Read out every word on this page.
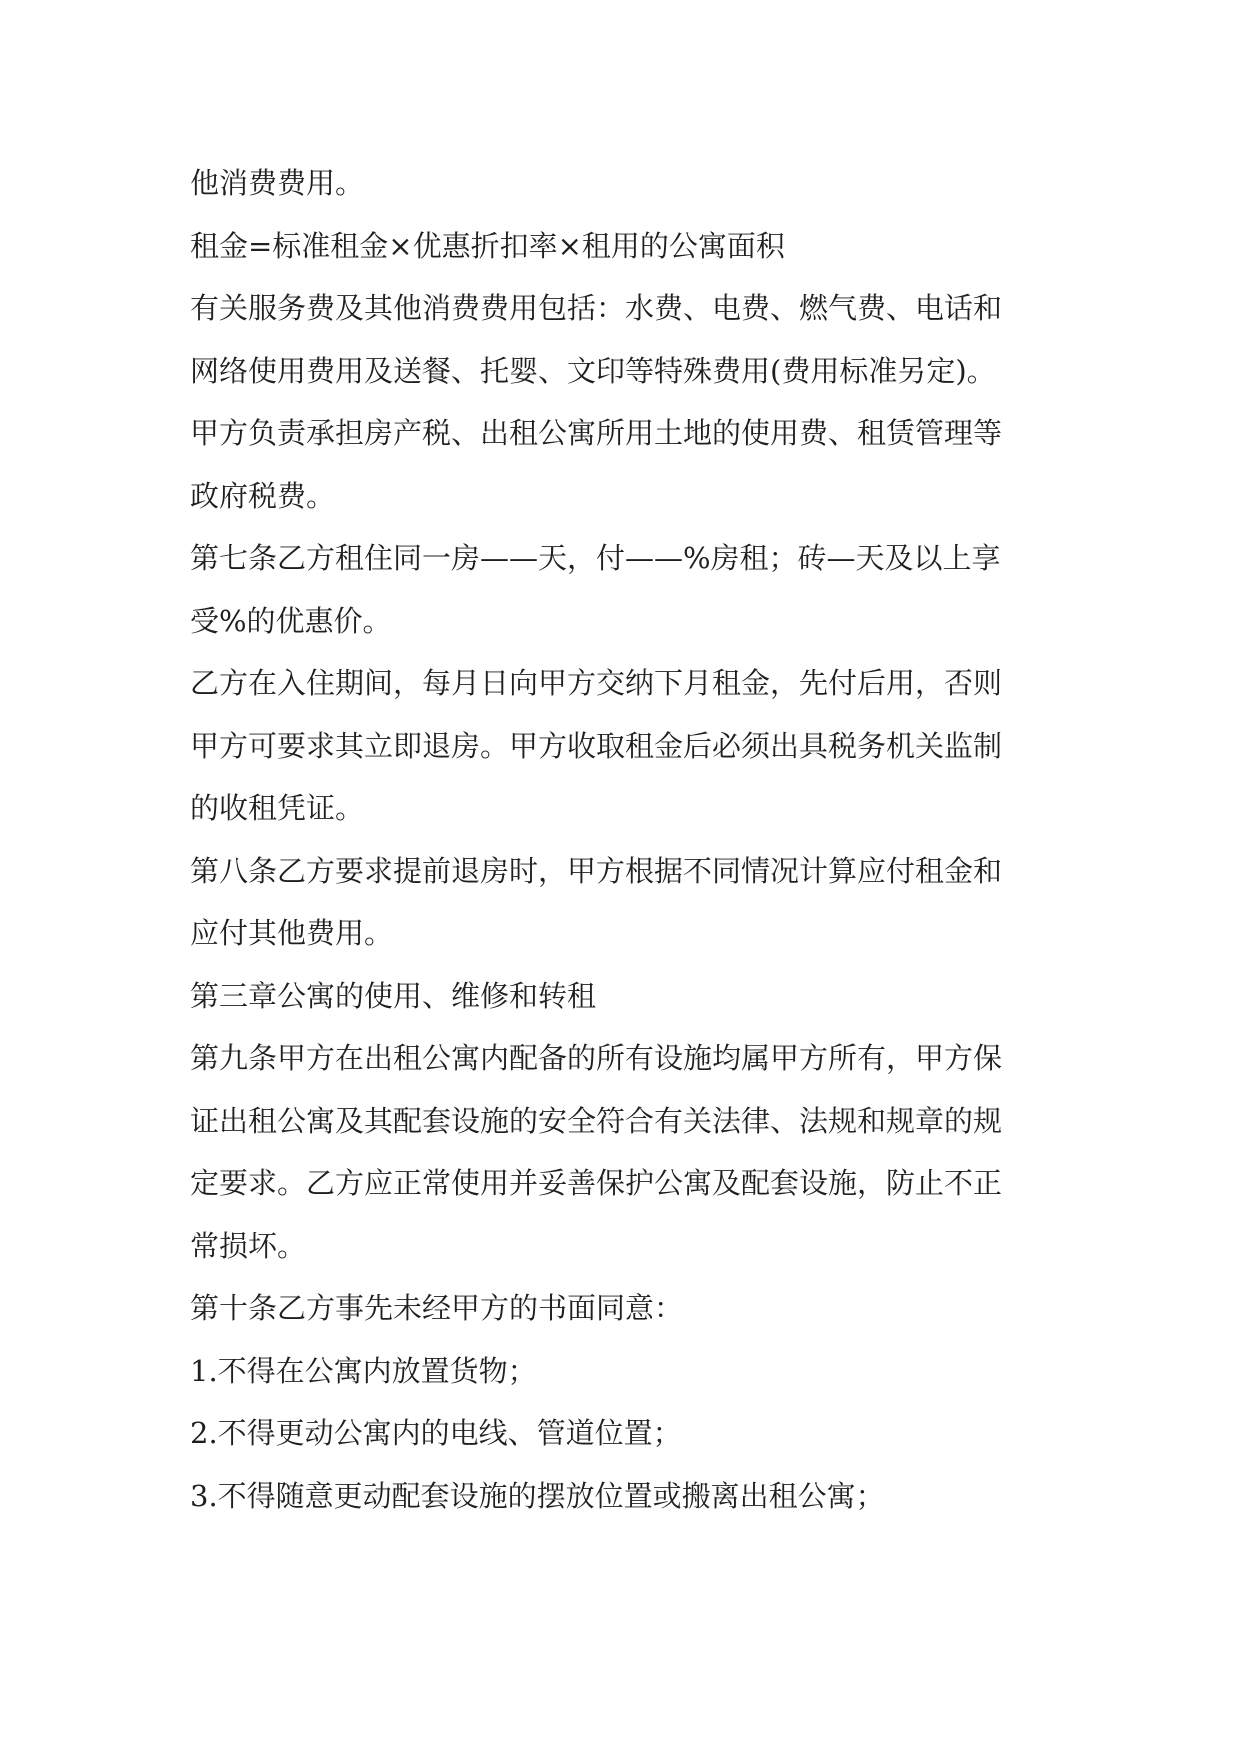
他消费费用。
租金=标准租金×优惠折扣率×租用的公寓面积
有关服务费及其他消费费用包括：水费、电费、燃气费、电话和
网络使用费用及送餐、托婴、文印等特殊费用(费用标准另定)。
甲方负责承担房产税、出租公寓所用土地的使用费、租赁管理等
政府税费。
第七条乙方租住同一房——天，付——%房租；砖—天及以上享
受%的优惠价。
乙方在入住期间，每月日向甲方交纳下月租金，先付后用，否则
甲方可要求其立即退房。甲方收取租金后必须出具税务机关监制
的收租凭证。
第八条乙方要求提前退房时，甲方根据不同情况计算应付租金和
应付其他费用。
第三章公寓的使用、维修和转租
第九条甲方在出租公寓内配备的所有设施均属甲方所有，甲方保
证出租公寓及其配套设施的安全符合有关法律、法规和规章的规
定要求。乙方应正常使用并妥善保护公寓及配套设施，防止不正
常损坏。
第十条乙方事先未经甲方的书面同意：
1.不得在公寓内放置货物；
2.不得更动公寓内的电线、管道位置；
3.不得随意更动配套设施的摆放位置或搬离出租公寓；
